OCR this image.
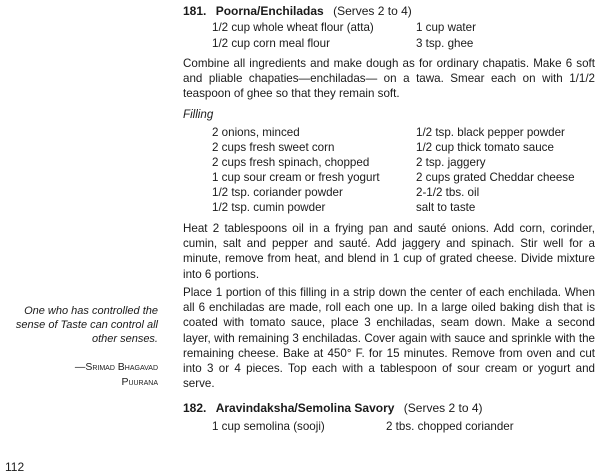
181. Poorna/Enchiladas (Serves 2 to 4)
1/2 cup whole wheat flour (atta)	1 cup water
1/2 cup corn meal flour	3 tsp. ghee
Combine all ingredients and make dough as for ordinary chapatis. Make 6 soft and pliable chapaties—enchiladas— on a tawa. Smear each on with 1/1/2 teaspoon of ghee so that they remain soft.
Filling
2 onions, minced	1/2 tsp. black pepper powder
2 cups fresh sweet corn	1/2 cup thick tomato sauce
2 cups fresh spinach, chopped	2 tsp. jaggery
1 cup sour cream or fresh yogurt	2 cups grated Cheddar cheese
1/2 tsp. coriander powder	2-1/2 tbs. oil
1/2 tsp. cumin powder	salt to taste
Heat 2 tablespoons oil in a frying pan and sauté onions. Add corn, corinder, cumin, salt and pepper and sauté. Add jaggery and spinach. Stir well for a minute, remove from heat, and blend in 1 cup of grated cheese. Divide mixture into 6 portions.
Place 1 portion of this filling in a strip down the center of each enchilada. When all 6 enchiladas are made, roll each one up. In a large oiled baking dish that is coated with tomato sauce, place 3 enchiladas, seam down. Make a second layer, with remaining 3 enchiladas. Cover again with sauce and sprinkle with the remaining cheese. Bake at 450° F. for 15 minutes. Remove from oven and cut into 3 or 4 pieces. Top each with a tablespoon of sour cream or yogurt and serve.
One who has controlled the
sense of Taste can control all
other senses.
—Srimad Bhagavad
Puurana
182. Aravindaksha/Semolina Savory (Serves 2 to 4)
1 cup semolina (sooji)	2 tbs. chopped coriander
112
